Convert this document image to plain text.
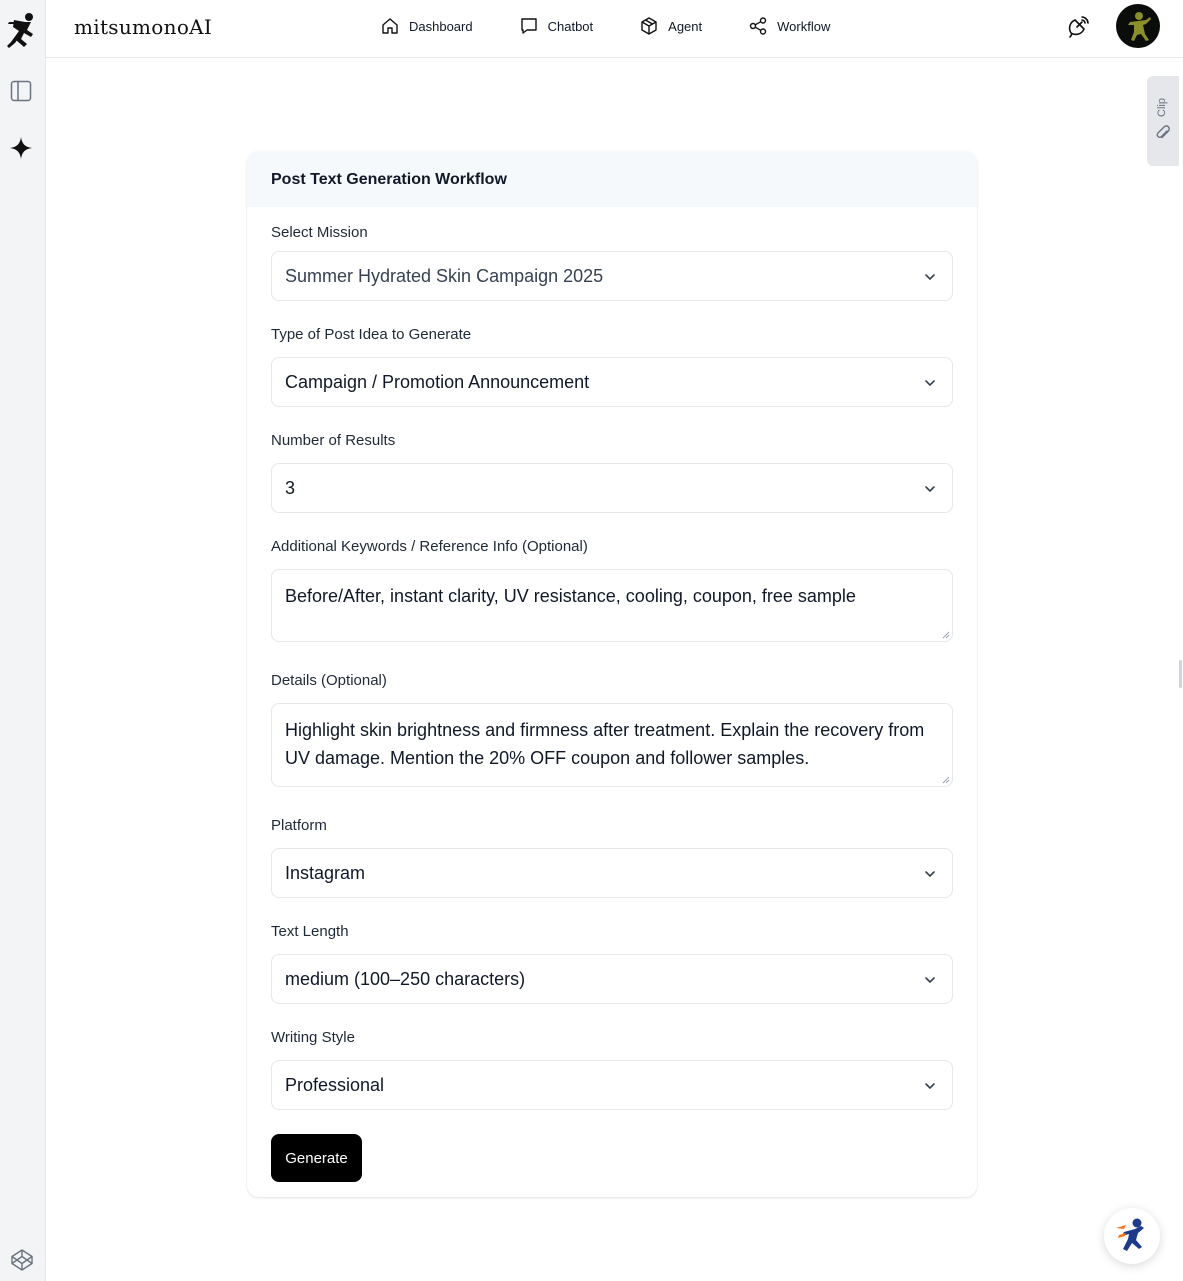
mitsumonoAI	Dashboard	Chatbot	Agent	Workflow
Clip
Post Text Generation Workflow
Select Mission
Summer Hydrated Skin Campaign 2025
Type of Post Idea to Generate
Campaign / Promotion Announcement
Number of Results
3
Additional Keywords / Reference Info (Optional)
Before/After, instant clarity, UV resistance, cooling, coupon, free sample
Details (Optional)
Highlight skin brightness and firmness after treatment. Explain the recovery from UV damage. Mention the 20% OFF coupon and follower samples.
Platform
Instagram
Text Length
medium (100–250 characters)
Writing Style
Professional
Generate
